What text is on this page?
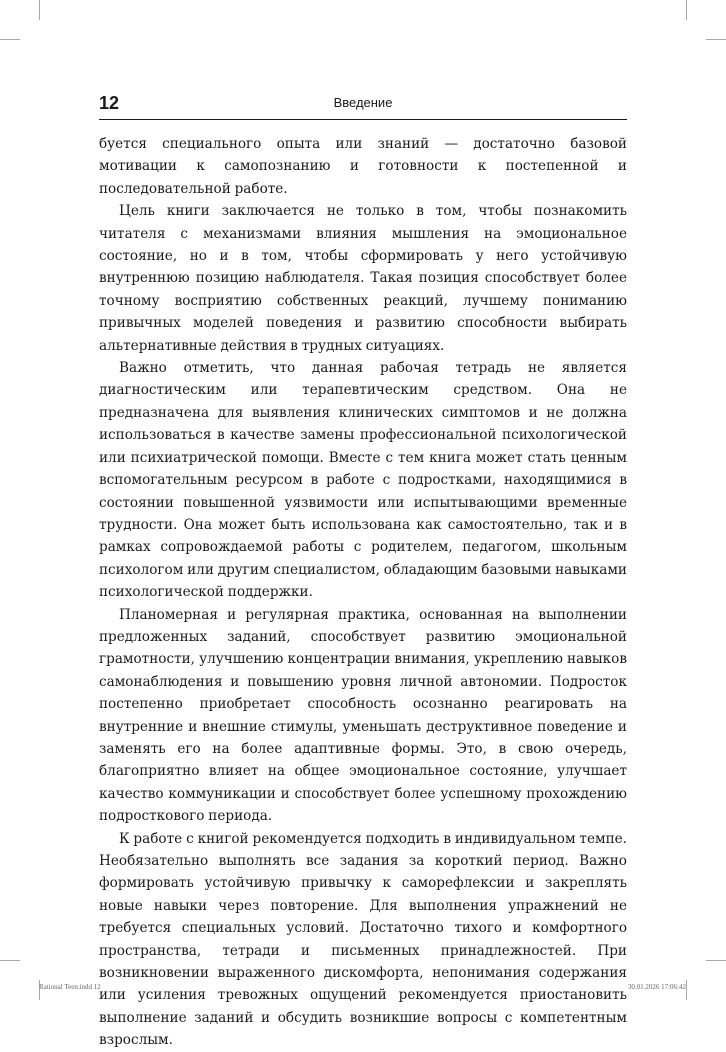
12	Введение

буется специального опыта или знаний — достаточно базовой мотивации к самопознанию и готовности к постепенной и последовательной работе.

Цель книги заключается не только в том, чтобы познакомить читателя с механизмами влияния мышления на эмоциональное состояние, но и в том, чтобы сформировать у него устойчивую внутреннюю позицию наблюдателя. Такая позиция способствует более точному восприятию собственных реакций, лучшему пониманию привычных моделей поведения и развитию способности выбирать альтернативные действия в трудных ситуациях.

Важно отметить, что данная рабочая тетрадь не является диагностическим или терапевтическим средством. Она не предназначена для выявления клинических симптомов и не должна использоваться в качестве замены профессиональной психологической или психиатрической помощи. Вместе с тем книга может стать ценным вспомогательным ресурсом в работе с подростками, находящимися в состоянии повышенной уязвимости или испытывающими временные трудности. Она может быть использована как самостоятельно, так и в рамках сопровождаемой работы с родителем, педагогом, школьным психологом или другим специалистом, обладающим базовыми навыками психологической поддержки.

Планомерная и регулярная практика, основанная на выполнении предложенных заданий, способствует развитию эмоциональной грамотности, улучшению концентрации внимания, укреплению навыков самонаблюдения и повышению уровня личной автономии. Подросток постепенно приобретает способность осознанно реагировать на внутренние и внешние стимулы, уменьшать деструктивное поведение и заменять его на более адаптивные формы. Это, в свою очередь, благоприятно влияет на общее эмоциональное состояние, улучшает качество коммуникации и способствует более успешному прохождению подросткового периода.

К работе с книгой рекомендуется подходить в индивидуальном темпе. Необязательно выполнять все задания за короткий период. Важно формировать устойчивую привычку к саморефлексии и закреплять новые навыки через повторение. Для выполнения упражнений не требуется специальных условий. Достаточно тихого и комфортного пространства, тетради и письменных принадлежностей. При возникновении выраженного дискомфорта, непонимания содержания или усиления тревожных ощущений рекомендуется приостановить выполнение заданий и обсудить возникшие вопросы с компетентным взрослым.

Rational Teen.indd 12	30.01.2026 17:06:42
